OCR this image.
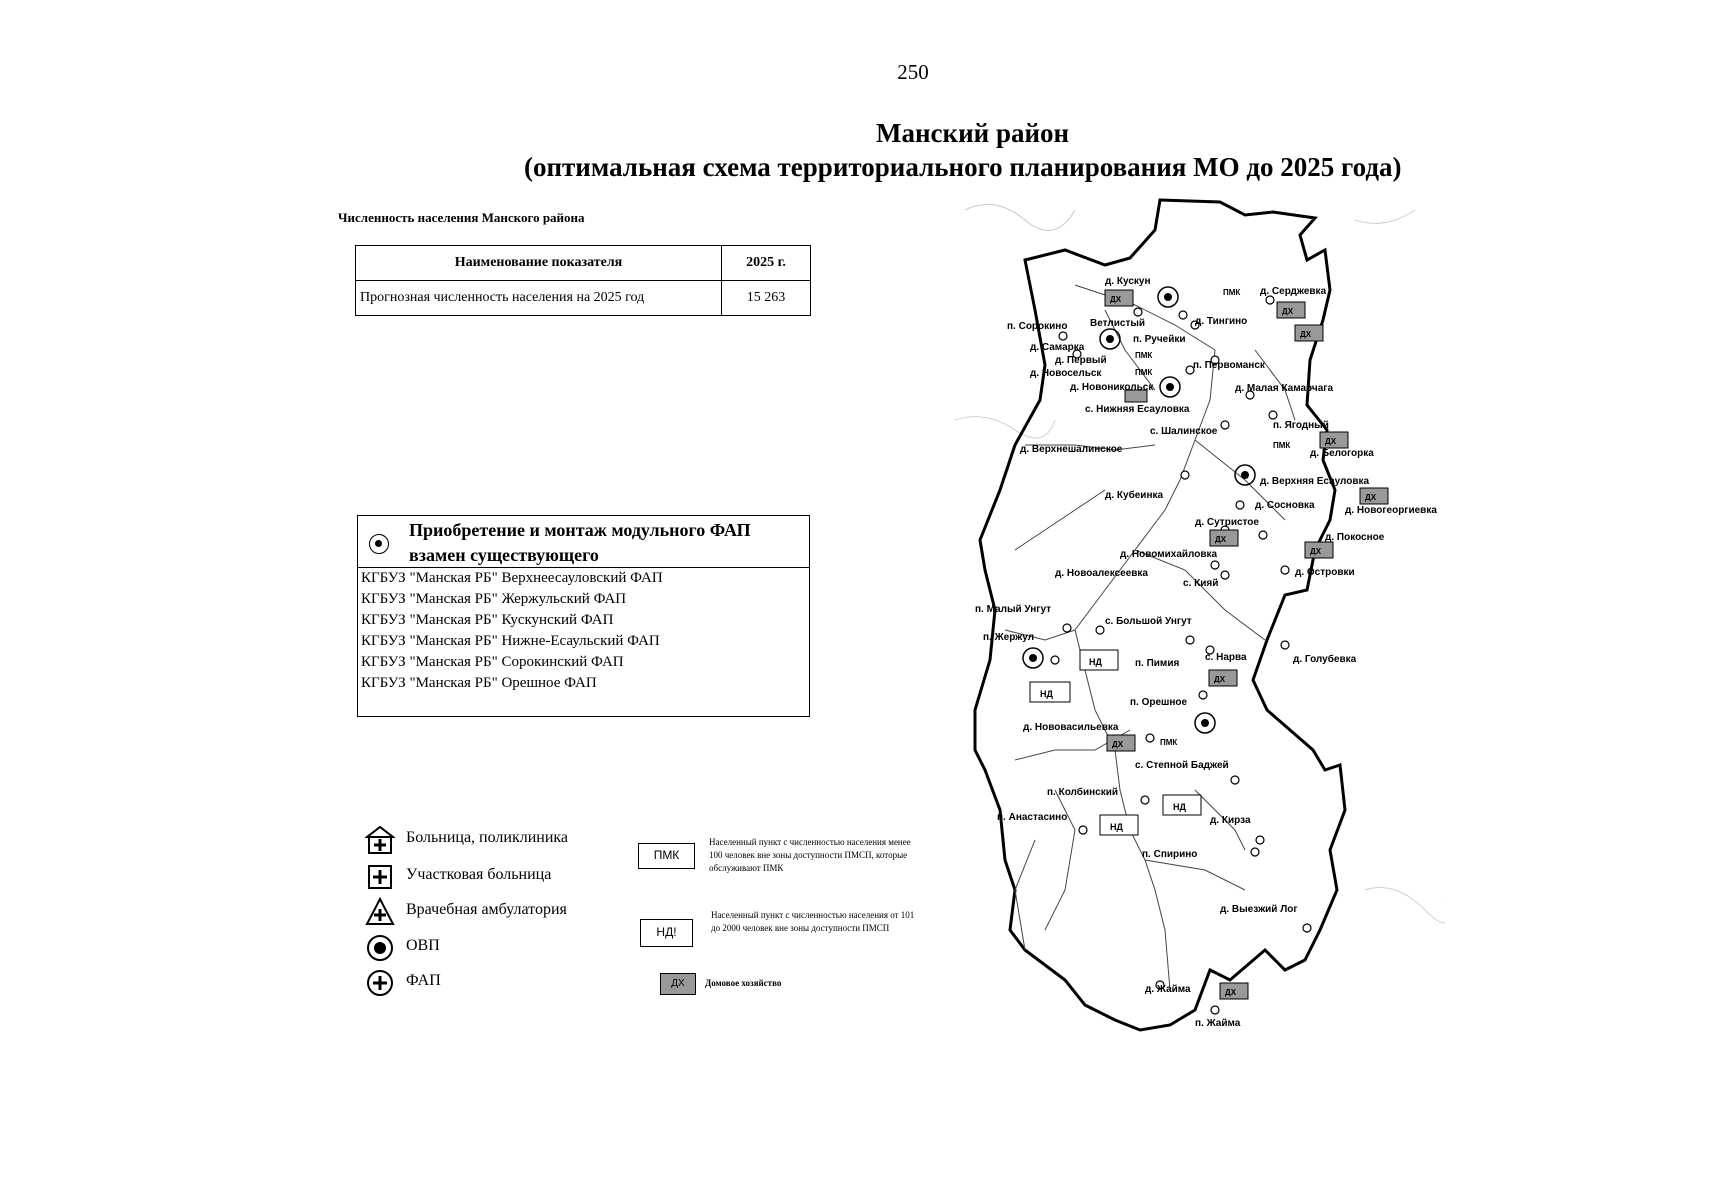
250
Манский район
(оптимальная схема территориального планирования МО до 2025 года)
Численность населения Манского района
Наименование показателя	2025 г.
Прогнозная численность населения на 2025 год	15 263
Приобретение и монтаж модульного ФАП взамен существующего
КГБУЗ "Манская РБ" Верхнеесауловский ФАП
КГБУЗ "Манская РБ" Жержульский ФАП
КГБУЗ "Манская РБ" Кускунский ФАП
КГБУЗ "Манская РБ" Нижне-Есаульский ФАП
КГБУЗ "Манская РБ" Сорокинский ФАП
КГБУЗ "Манская РБ" Орешное ФАП
Больница, поликлиника
Участковая больница
Врачебная амбулатория
ОВП
ФАП
ПМК
Населенный пункт с численностью населения менее 100 человек вне зоны доступности ПМСП, которые обслуживают ПМК
НД!
Населенный пункт с численностью населения от 101 до 2000 человек вне зоны доступности ПМСП
ДХ	Домовое хозяйство
д. Кускун
д. Серджевка
п. Сорокино Ветлистый	д. Тингино
д. Самарка
п. Ручейки
д. Первый	п. Первоманск
д. Новосельск
д. Новоникольск	д. Малая Камарчага
с. Нижняя Есауловка
п. Ягодный
с. Шалинское
д. Верхнешалинское	д. Белогорка
д. Верхняя Есауловка
д. Кубеинка
д. Новогеоргиевка
д. Сосновка
д. Сутристое
д. Покосное
д. Новомихайловка
д. Островки
д. Новоалексеевка
с. Кияй
п. Малый Унгут
с. Большой Унгут
п. Жержул
с. Нарва	д. Голубевка
п. Пимия
п. Орешное
д. Нововасильевка
с. Степной Баджей
п. Колбинский
п. Анастасино	д. Кирза
п. Спирино
д. Выезжий Лог
д. Жайма
п. Жайма
ПМК
ПМК
ПМК
ПМК
ПМК
НД
НД
НД
НД
ДХ
ДХ
ДХ
ДХ
ДХ
ДХ
ДХ
ДХ
ДХ
ДХ
